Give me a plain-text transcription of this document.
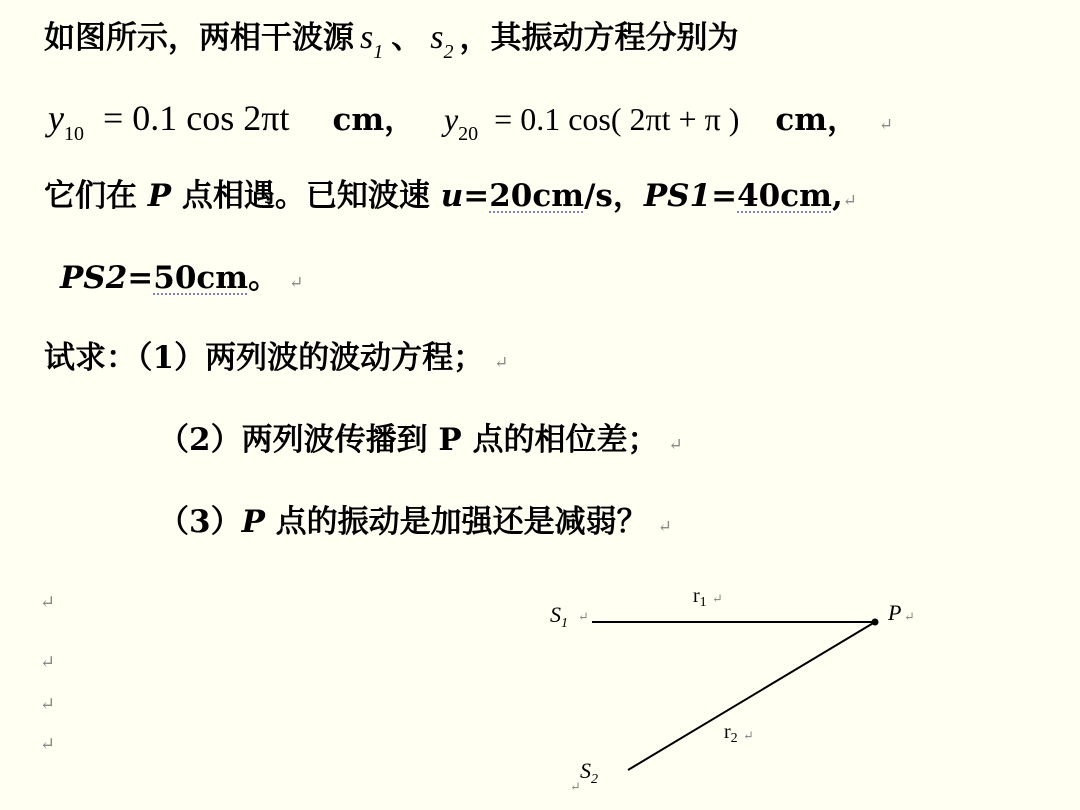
如图所示，两相干波源 $s_1$ 、 $s_2$ ，其振动方程分别为
$y_{10} = 0.1$ cos 2πt cm， $y_{20} = 0.1$ cos( 2πt + π ) cm， ↵
它们在 P 点相遇。已知波速 u=20cm/s，PS1=40cm,↵
PS2=50cm。 ↵
试求：（1）两列波的波动方程； ↵
（2）两列波传播到 P 点的相位差； ↵
（3）P 点的振动是加强还是减弱？ ↵
↵
↵
↵
↵
$S_1$ ↵
$r_1$ ↵
P ↵
$r_2$ ↵
$S_2$
↵
